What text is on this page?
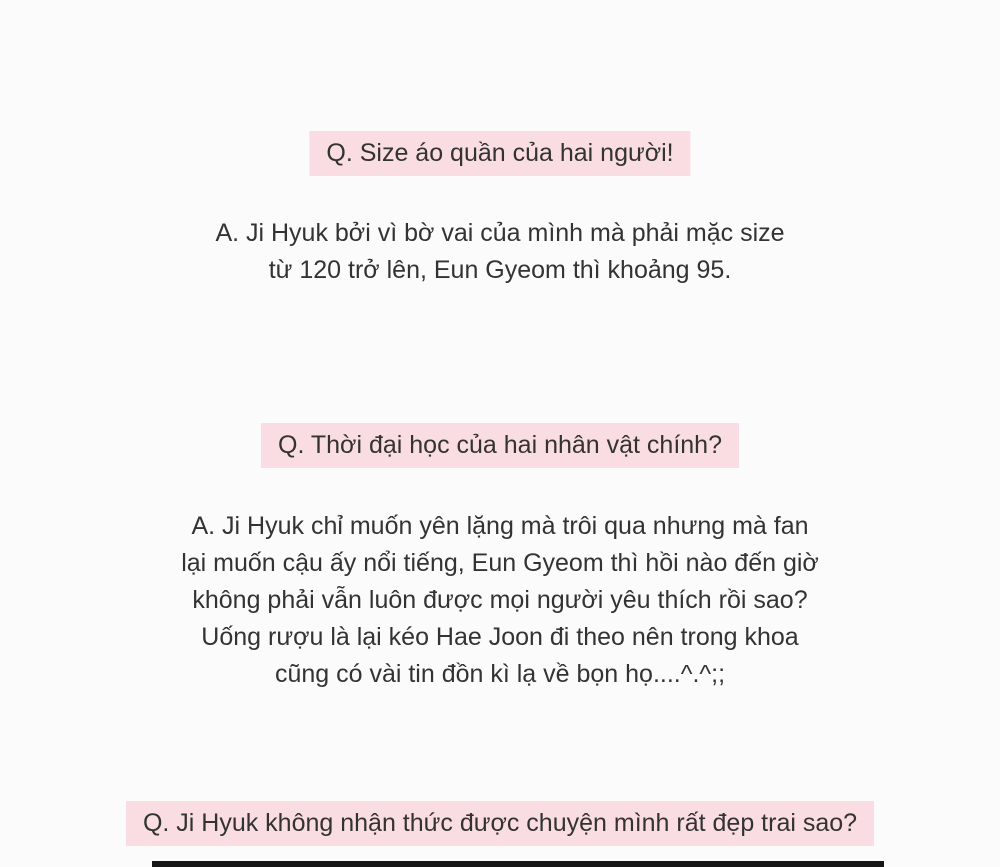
Q. Size áo quần của hai người!
A. Ji Hyuk bởi vì bờ vai của mình mà phải mặc size
từ 120 trở lên, Eun Gyeom thì khoảng 95.
Q. Thời đại học của hai nhân vật chính?
A. Ji Hyuk chỉ muốn yên lặng mà trôi qua nhưng mà fan
lại muốn cậu ấy nổi tiếng, Eun Gyeom thì hồi nào đến giờ
không phải vẫn luôn được mọi người yêu thích rồi sao?
Uống rượu là lại kéo Hae Joon đi theo nên trong khoa
cũng có vài tin đồn kì lạ về bọn họ....^.^;;
Q. Ji Hyuk không nhận thức được chuyện mình rất đẹp trai sao?
